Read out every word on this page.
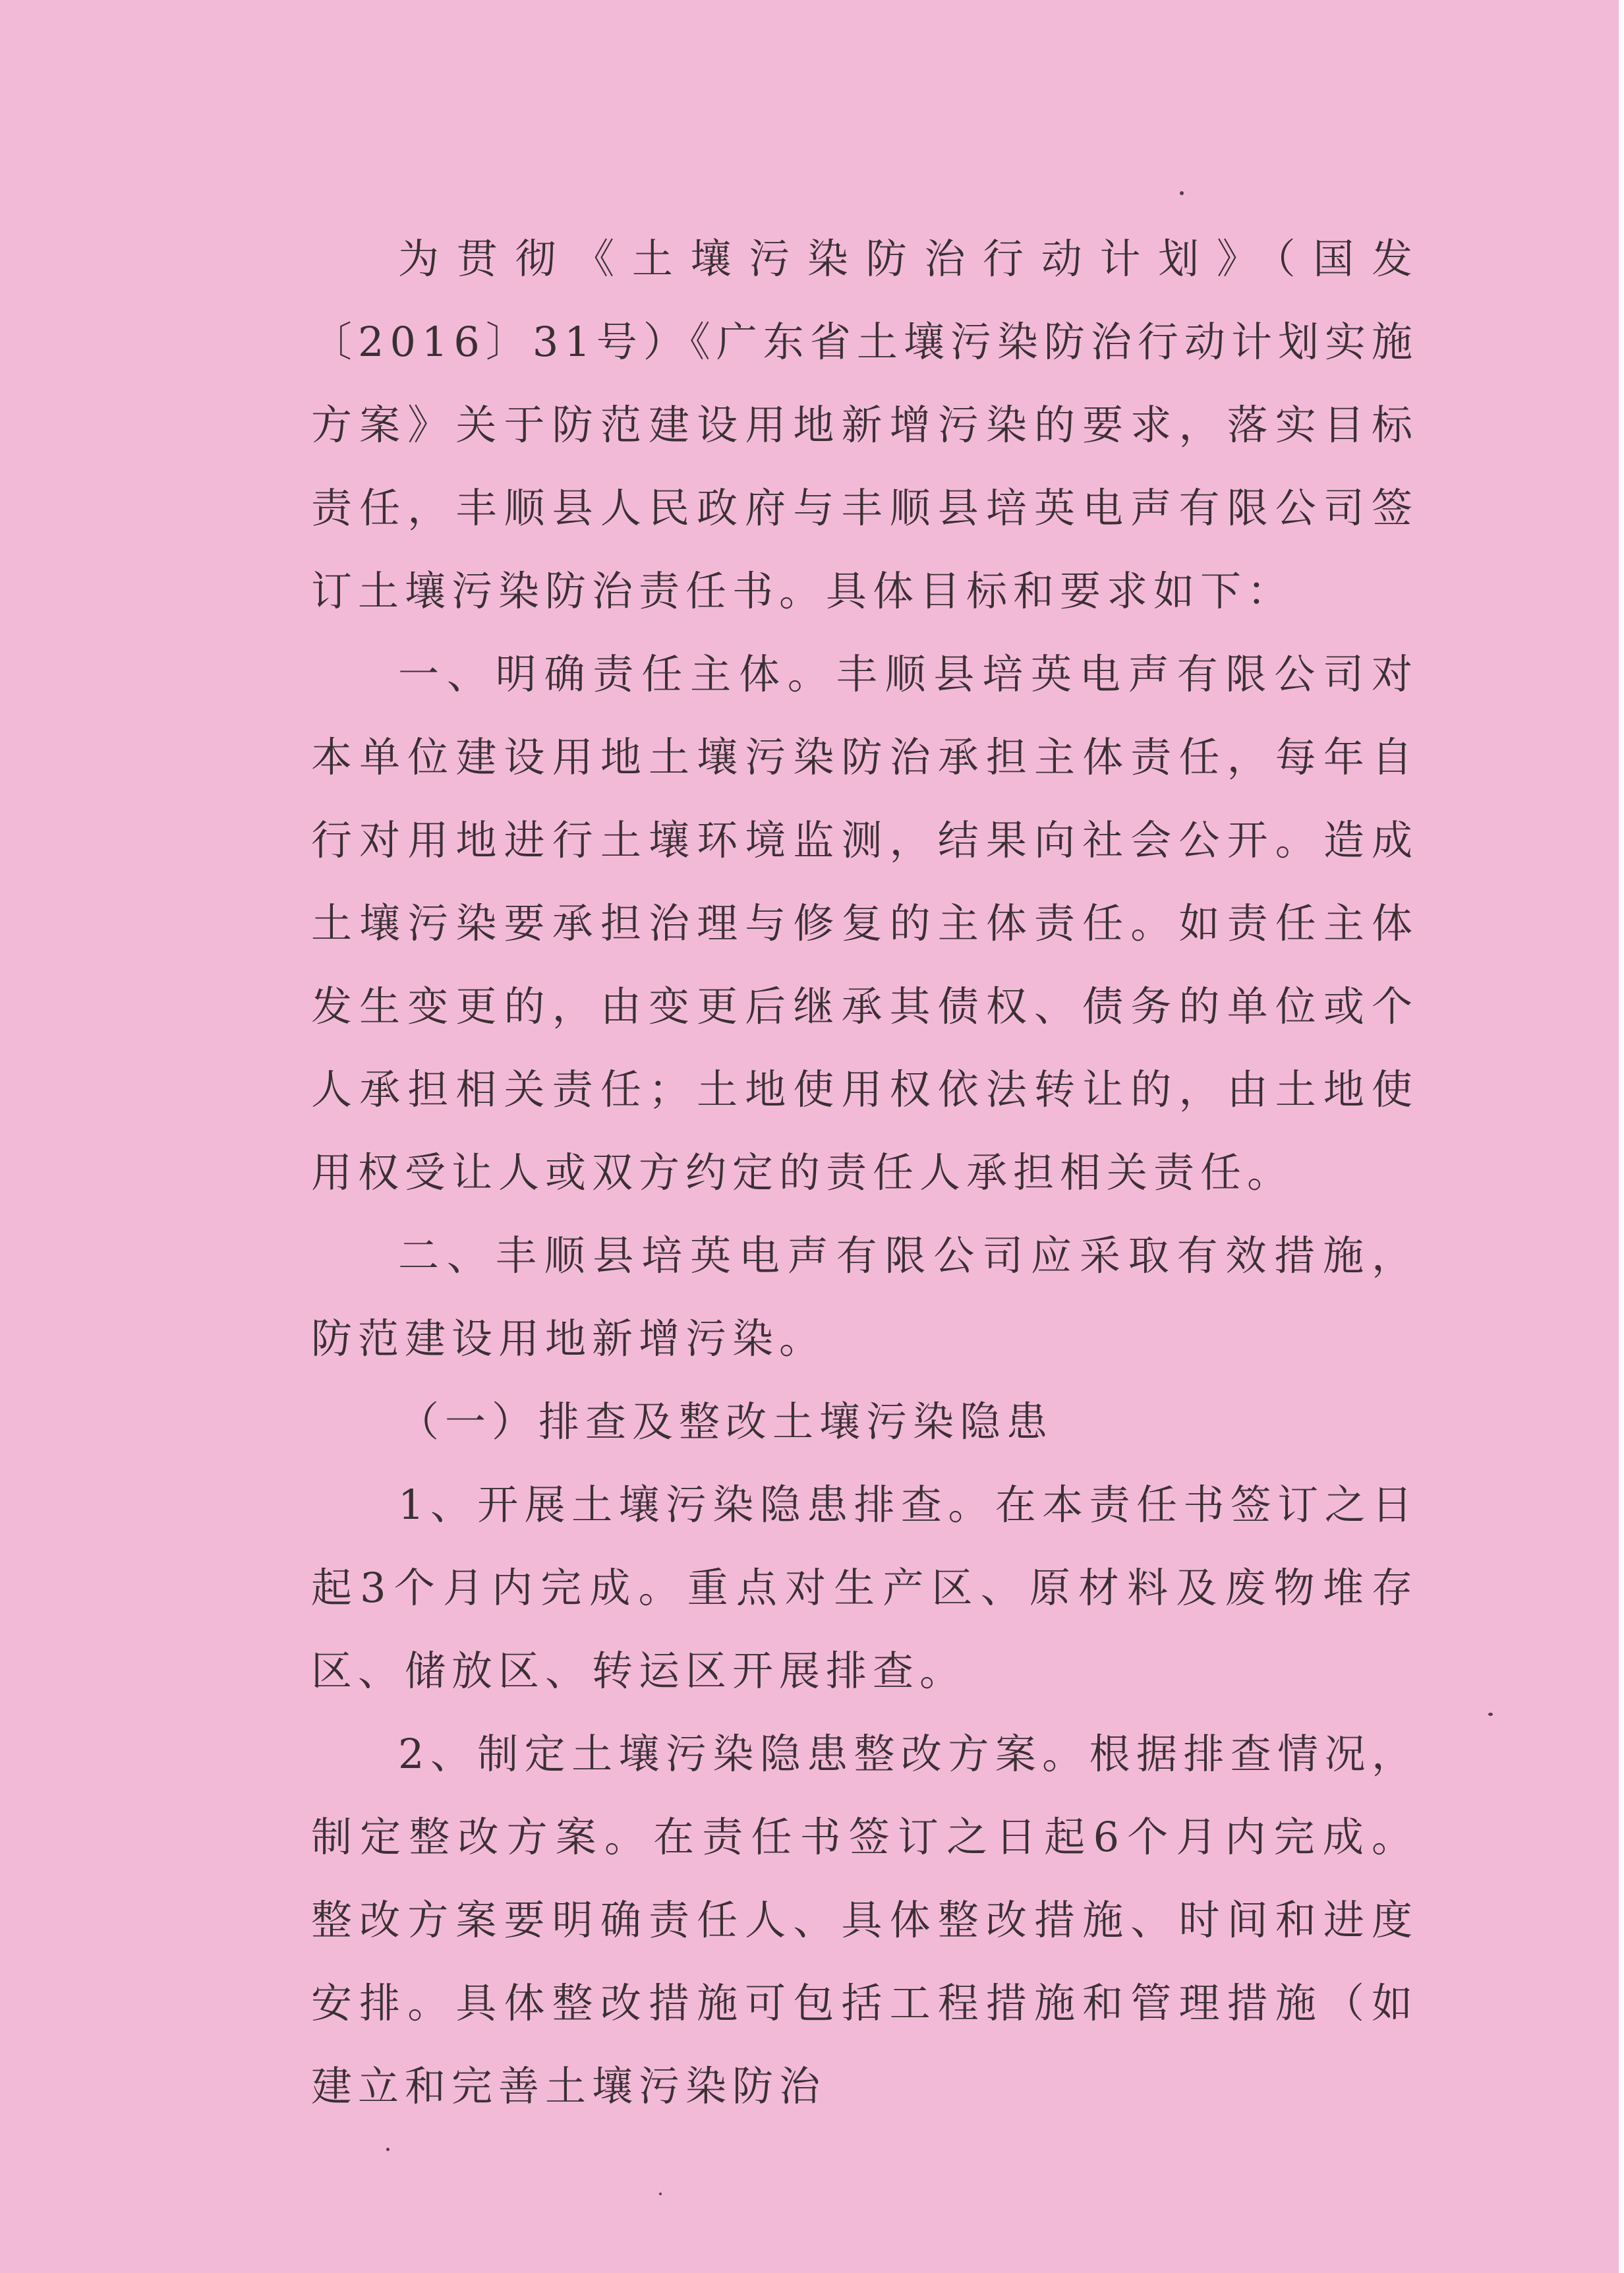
为贯彻《土壤污染防治行动计划》（国发〔2016〕31号）《广东省土壤污染防治行动计划实施方案》关于防范建设用地新增污染的要求，落实目标责任，丰顺县人民政府与丰顺县培英电声有限公司签订土壤污染防治责任书。具体目标和要求如下：

一、明确责任主体。丰顺县培英电声有限公司对本单位建设用地土壤污染防治承担主体责任，每年自行对用地进行土壤环境监测，结果向社会公开。造成土壤污染要承担治理与修复的主体责任。如责任主体发生变更的，由变更后继承其债权、债务的单位或个人承担相关责任；土地使用权依法转让的，由土地使用权受让人或双方约定的责任人承担相关责任。

二、丰顺县培英电声有限公司应采取有效措施，防范建设用地新增污染。

（一）排查及整改土壤污染隐患

1、开展土壤污染隐患排查。在本责任书签订之日起3个月内完成。重点对生产区、原材料及废物堆存区、储放区、转运区开展排查。

2、制定土壤污染隐患整改方案。根据排查情况，制定整改方案。在责任书签订之日起6个月内完成。整改方案要明确责任人、具体整改措施、时间和进度安排。具体整改措施可包括工程措施和管理措施（如建立和完善土壤污染防治
